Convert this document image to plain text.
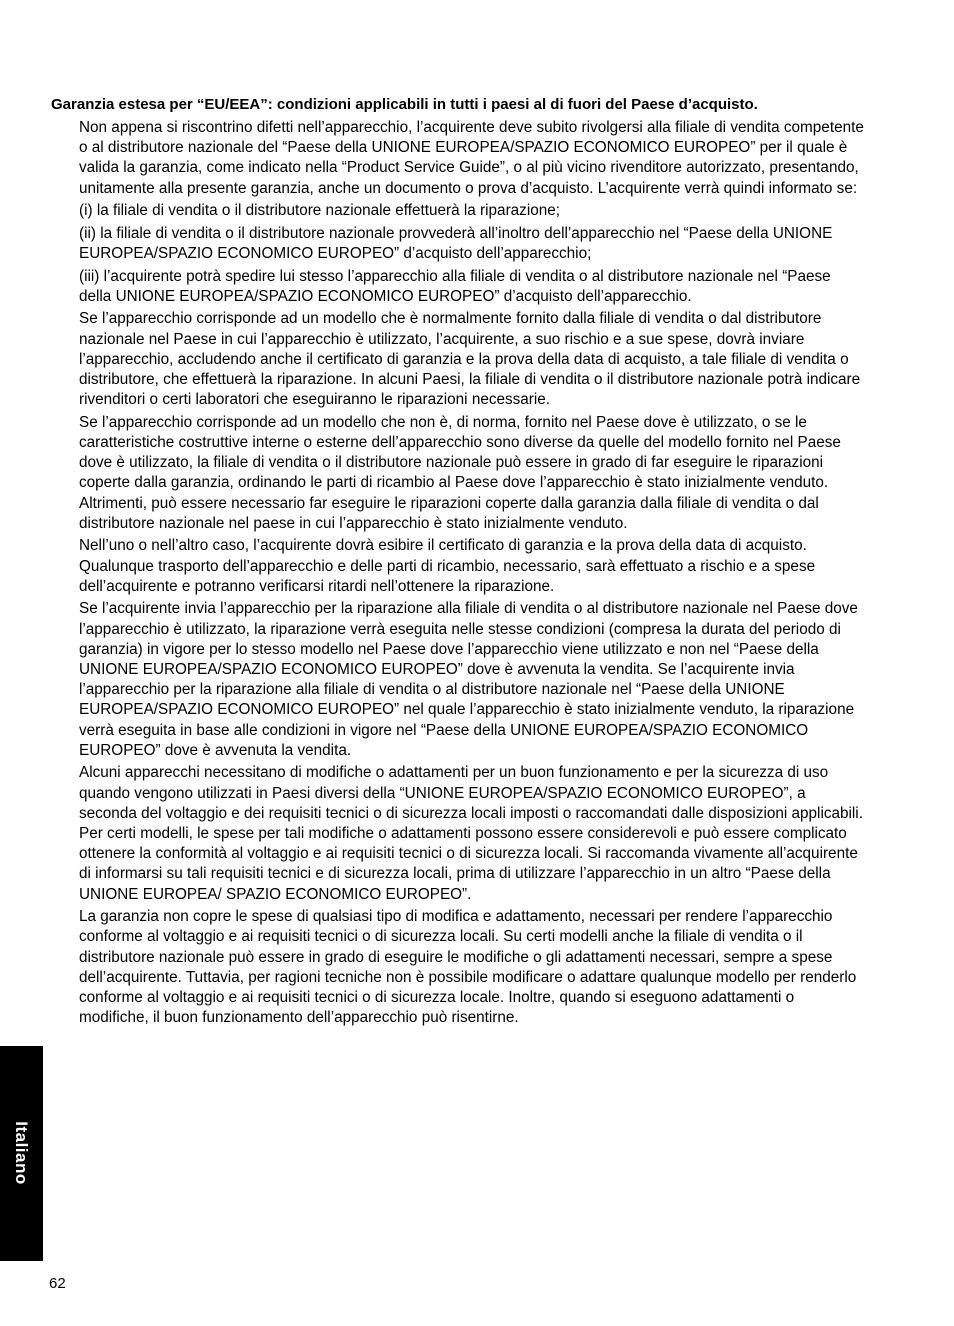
Garanzia estesa per “EU/EEA”: condizioni applicabili in tutti i paesi al di fuori del Paese d’acquisto.

Non appena si riscontrino difetti nell’apparecchio, l’acquirente deve subito rivolgersi alla filiale di vendita competente o al distributore nazionale del “Paese della UNIONE EUROPEA/SPAZIO ECONOMICO EUROPEO” per il quale è valida la garanzia, come indicato nella “Product Service Guide”, o al più vicino rivenditore autorizzato, presentando, unitamente alla presente garanzia, anche un documento o prova d’acquisto. L’acquirente verrà quindi informato se:

(i) la filiale di vendita o il distributore nazionale effettuerà la riparazione;

(ii) la filiale di vendita o il distributore nazionale provvederà all’inoltro dell’apparecchio nel “Paese della UNIONE EUROPEA/SPAZIO ECONOMICO EUROPEO” d’acquisto dell’apparecchio;

(iii) l’acquirente potrà spedire lui stesso l’apparecchio alla filiale di vendita o al distributore nazionale nel “Paese della UNIONE EUROPEA/SPAZIO ECONOMICO EUROPEO” d’acquisto dell’apparecchio.

Se l’apparecchio corrisponde ad un modello che è normalmente fornito dalla filiale di vendita o dal distributore nazionale nel Paese in cui l’apparecchio è utilizzato, l’acquirente, a suo rischio e a sue spese, dovrà inviare l’apparecchio, accludendo anche il certificato di garanzia e la prova della data di acquisto, a tale filiale di vendita o distributore, che effettuerà la riparazione. In alcuni Paesi, la filiale di vendita o il distributore nazionale potrà indicare rivenditori o certi laboratori che eseguiranno le riparazioni necessarie.

Se l’apparecchio corrisponde ad un modello che non è, di norma, fornito nel Paese dove è utilizzato, o se le caratteristiche costruttive interne o esterne dell’apparecchio sono diverse da quelle del modello fornito nel Paese dove è utilizzato, la filiale di vendita o il distributore nazionale può essere in grado di far eseguire le riparazioni coperte dalla garanzia, ordinando le parti di ricambio al Paese dove l’apparecchio è stato inizialmente venduto. Altrimenti, può essere necessario far eseguire le riparazioni coperte dalla garanzia dalla filiale di vendita o dal distributore nazionale nel paese in cui l’apparecchio è stato inizialmente venduto.

Nell’uno o nell’altro caso, l’acquirente dovrà esibire il certificato di garanzia e la prova della data di acquisto. Qualunque trasporto dell’apparecchio e delle parti di ricambio, necessario, sarà effettuato a rischio e a spese dell’acquirente e potranno verificarsi ritardi nell’ottenere la riparazione.

Se l’acquirente invia l’apparecchio per la riparazione alla filiale di vendita o al distributore nazionale nel Paese dove l’apparecchio è utilizzato, la riparazione verrà eseguita nelle stesse condizioni (compresa la durata del periodo di garanzia) in vigore per lo stesso modello nel Paese dove l’apparecchio viene utilizzato e non nel “Paese della UNIONE EUROPEA/SPAZIO ECONOMICO EUROPEO” dove è avvenuta la vendita. Se l’acquirente invia l’apparecchio per la riparazione alla filiale di vendita o al distributore nazionale nel “Paese della UNIONE EUROPEA/SPAZIO ECONOMICO EUROPEO” nel quale l’apparecchio è stato inizialmente venduto, la riparazione verrà eseguita in base alle condizioni in vigore nel “Paese della UNIONE EUROPEA/SPAZIO ECONOMICO EUROPEO” dove è avvenuta la vendita.

Alcuni apparecchi necessitano di modifiche o adattamenti per un buon funzionamento e per la sicurezza di uso quando vengono utilizzati in Paesi diversi della “UNIONE EUROPEA/SPAZIO ECONOMICO EUROPEO”, a seconda del voltaggio e dei requisiti tecnici o di sicurezza locali imposti o raccomandati dalle disposizioni applicabili. Per certi modelli, le spese per tali modifiche o adattamenti possono essere considerevoli e può essere complicato ottenere la conformità al voltaggio e ai requisiti tecnici o di sicurezza locali. Si raccomanda vivamente all’acquirente di informarsi su tali requisiti tecnici e di sicurezza locali, prima di utilizzare l’apparecchio in un altro “Paese della UNIONE EUROPEA/ SPAZIO ECONOMICO EUROPEO”.

La garanzia non copre le spese di qualsiasi tipo di modifica e adattamento, necessari per rendere l’apparecchio conforme al voltaggio e ai requisiti tecnici o di sicurezza locali. Su certi modelli anche la filiale di vendita o il distributore nazionale può essere in grado di eseguire le modifiche o gli adattamenti necessari, sempre a spese dell’acquirente. Tuttavia, per ragioni tecniche non è possibile modificare o adattare qualunque modello per renderlo conforme al voltaggio e ai requisiti tecnici o di sicurezza locale. Inoltre, quando si eseguono adattamenti o modifiche, il buon funzionamento dell’apparecchio può risentirne.

Italiano
62
